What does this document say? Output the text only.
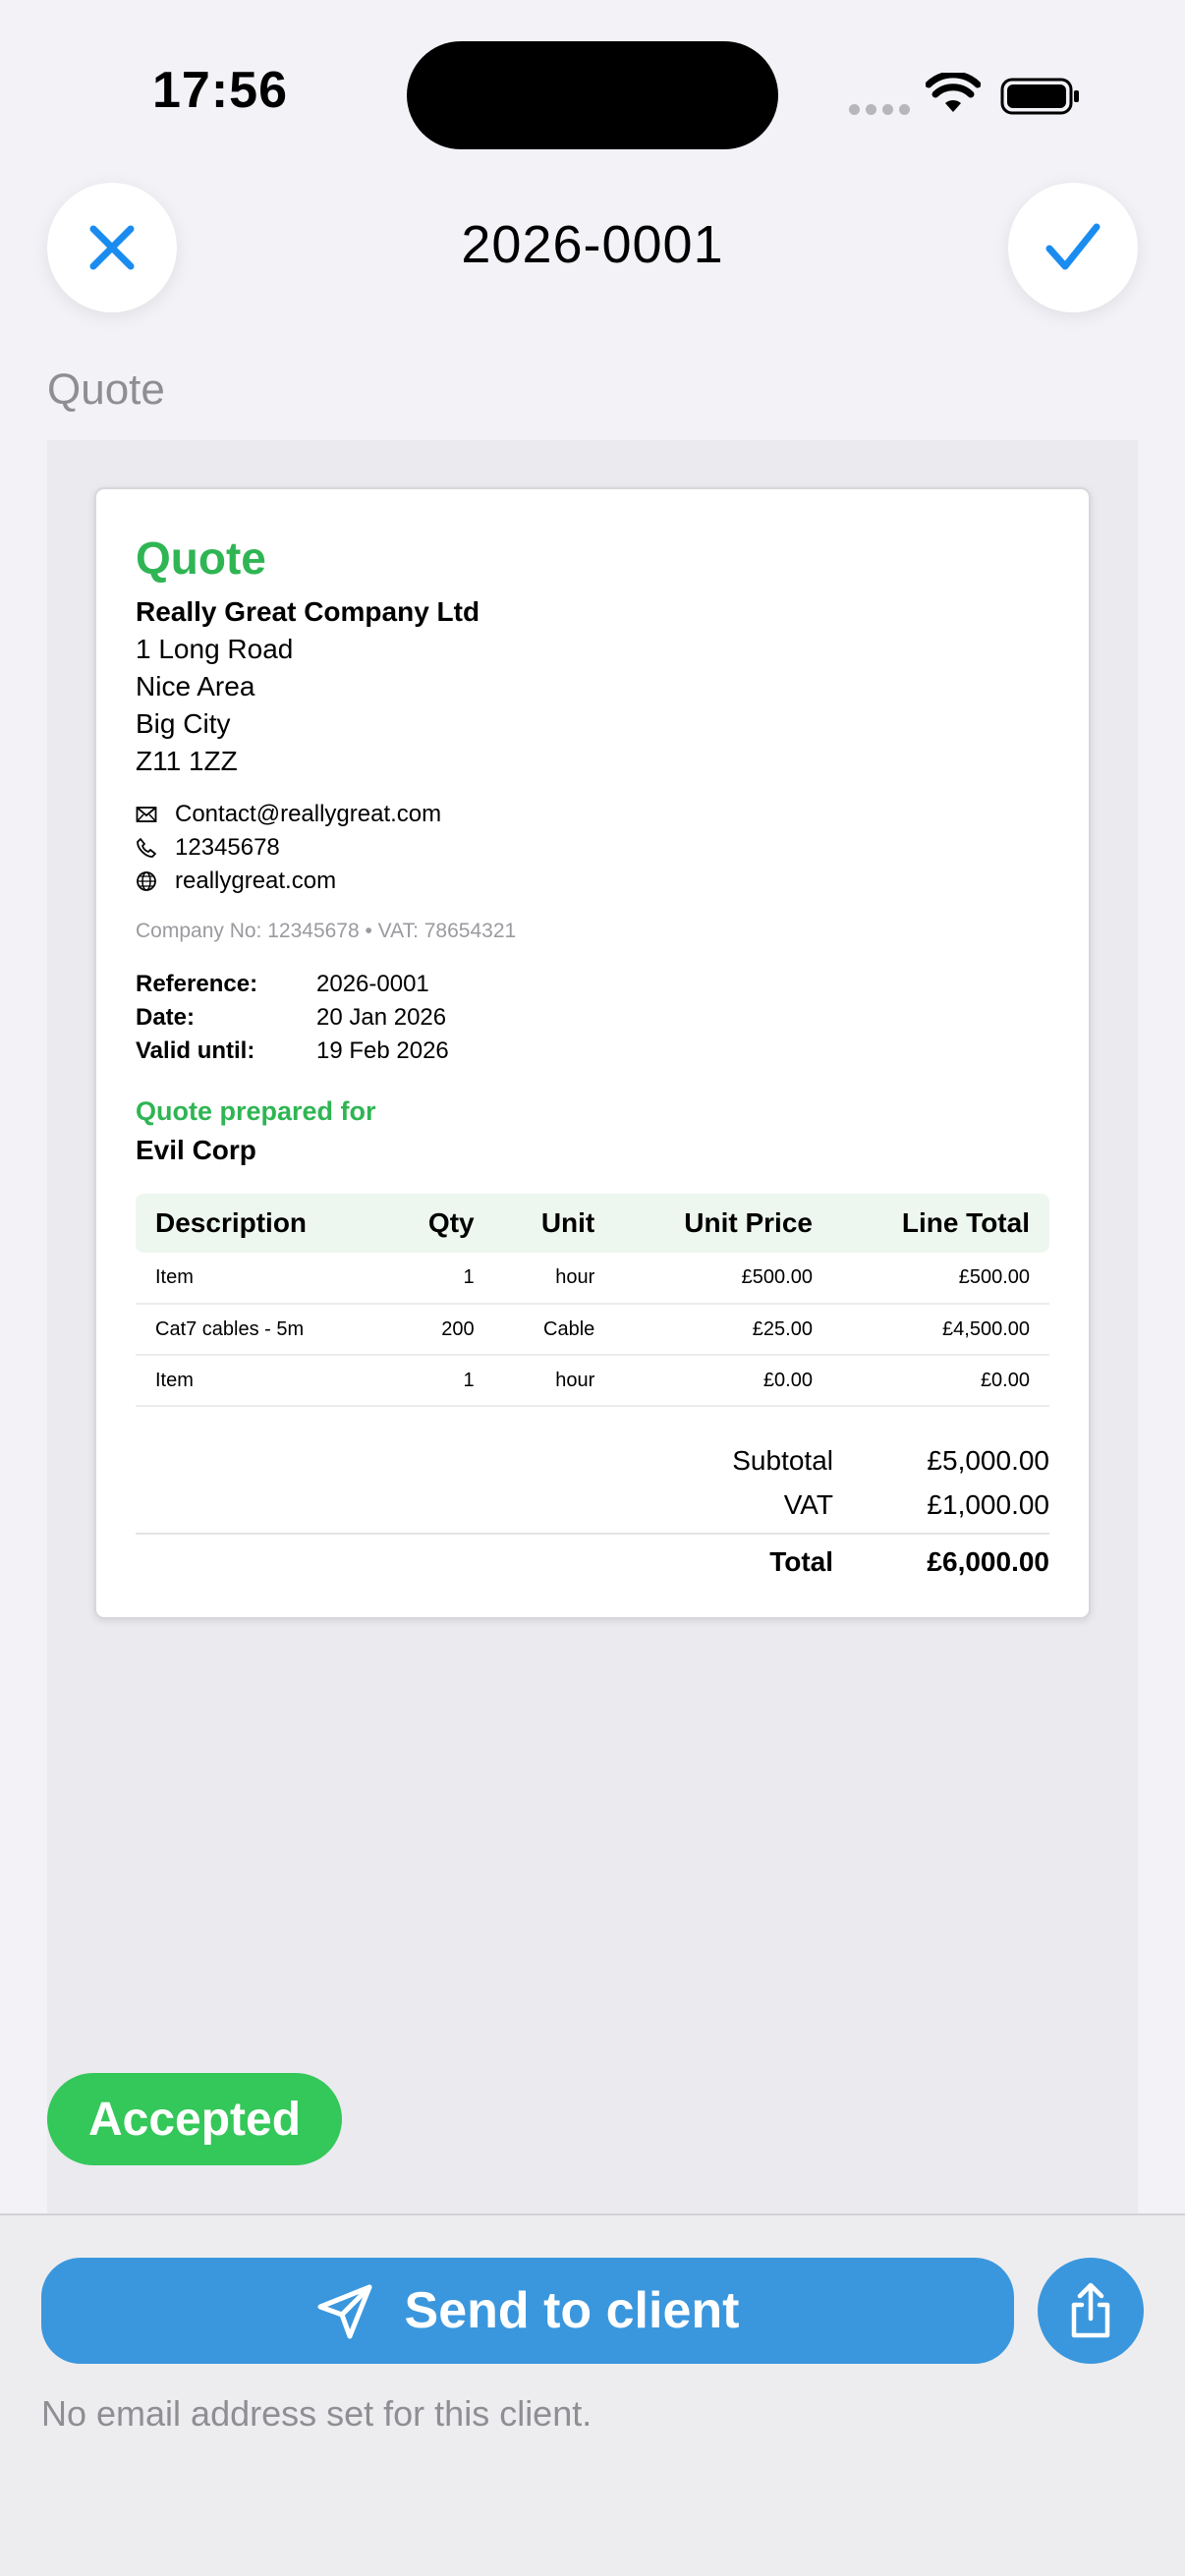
17:56
2026-0001
Quote
Quote
Really Great Company Ltd
1 Long Road
Nice Area
Big City
Z11 1ZZ
Contact@reallygreat.com
12345678
reallygreat.com
Company No: 12345678 • VAT: 78654321
Reference:	2026-0001
Date:	20 Jan 2026
Valid until:	19 Feb 2026
Quote prepared for
Evil Corp
Description	Qty	Unit	Unit Price	Line Total
Item	1	hour	£500.00	£500.00
Cat7 cables - 5m	200	Cable	£25.00	£4,500.00
Item	1	hour	£0.00	£0.00
Subtotal	£5,000.00
VAT	£1,000.00
Total	£6,000.00
Accepted
Send to client
No email address set for this client.
